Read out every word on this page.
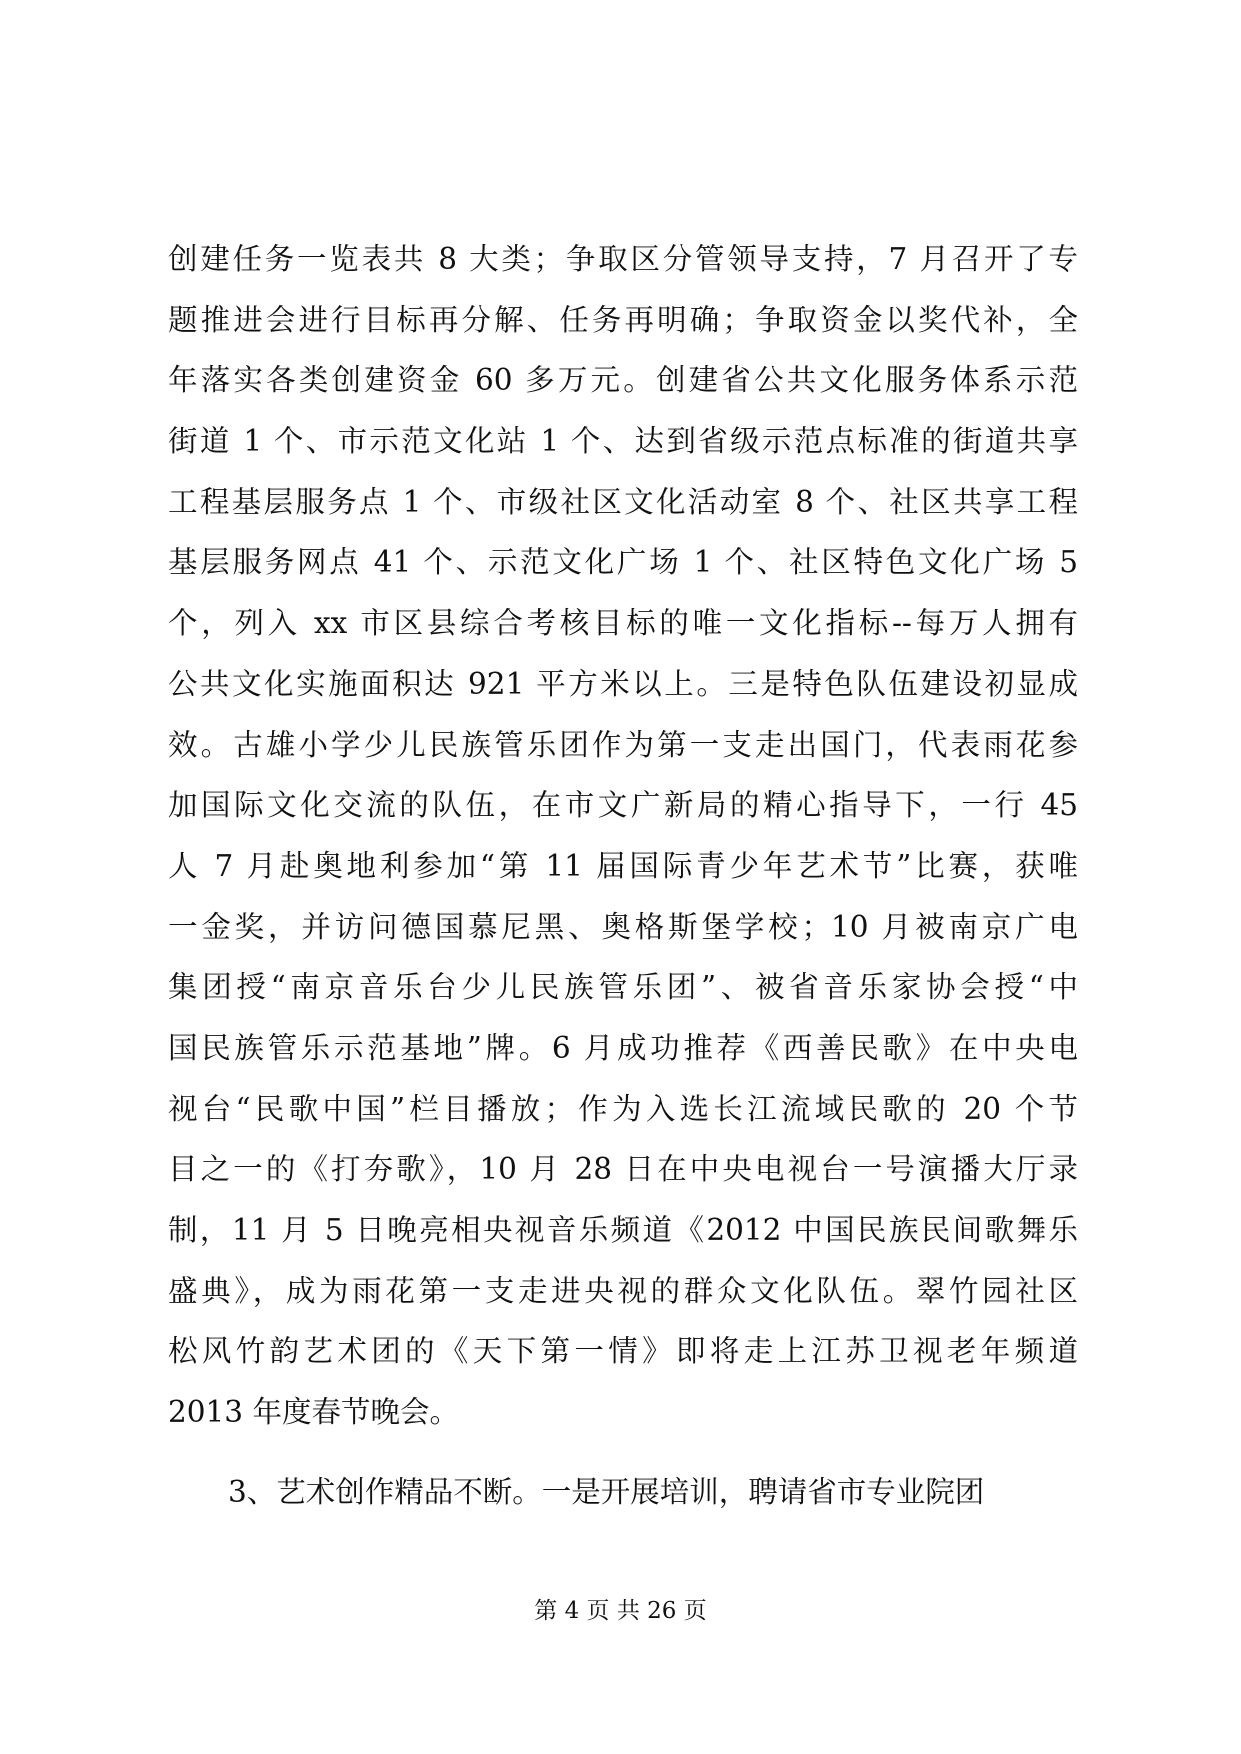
创建任务一览表共 8 大类；争取区分管领导支持，7 月召开了专
题推进会进行目标再分解、任务再明确；争取资金以奖代补，全
年落实各类创建资金 60 多万元。创建省公共文化服务体系示范
街道 1 个、市示范文化站 1 个、达到省级示范点标准的街道共享
工程基层服务点 1 个、市级社区文化活动室 8 个、社区共享工程
基层服务网点 41 个、示范文化广场 1 个、社区特色文化广场 5
个，列入 xx 市区县综合考核目标的唯一文化指标--每万人拥有
公共文化实施面积达 921 平方米以上。三是特色队伍建设初显成
效。古雄小学少儿民族管乐团作为第一支走出国门，代表雨花参
加国际文化交流的队伍，在市文广新局的精心指导下，一行 45
人 7 月赴奥地利参加“第 11 届国际青少年艺术节”比赛，获唯
一金奖，并访问德国慕尼黑、奥格斯堡学校；10 月被南京广电
集团授“南京音乐台少儿民族管乐团”、被省音乐家协会授“中
国民族管乐示范基地”牌。6 月成功推荐《西善民歌》在中央电
视台“民歌中国”栏目播放；作为入选长江流域民歌的 20 个节
目之一的《打夯歌》，10 月 28 日在中央电视台一号演播大厅录
制，11 月 5 日晚亮相央视音乐频道《2012 中国民族民间歌舞乐
盛典》，成为雨花第一支走进央视的群众文化队伍。翠竹园社区
松风竹韵艺术团的《天下第一情》即将走上江苏卫视老年频道
2013 年度春节晚会。
3、艺术创作精品不断。一是开展培训，聘请省市专业院团
第 4 页 共 26 页
